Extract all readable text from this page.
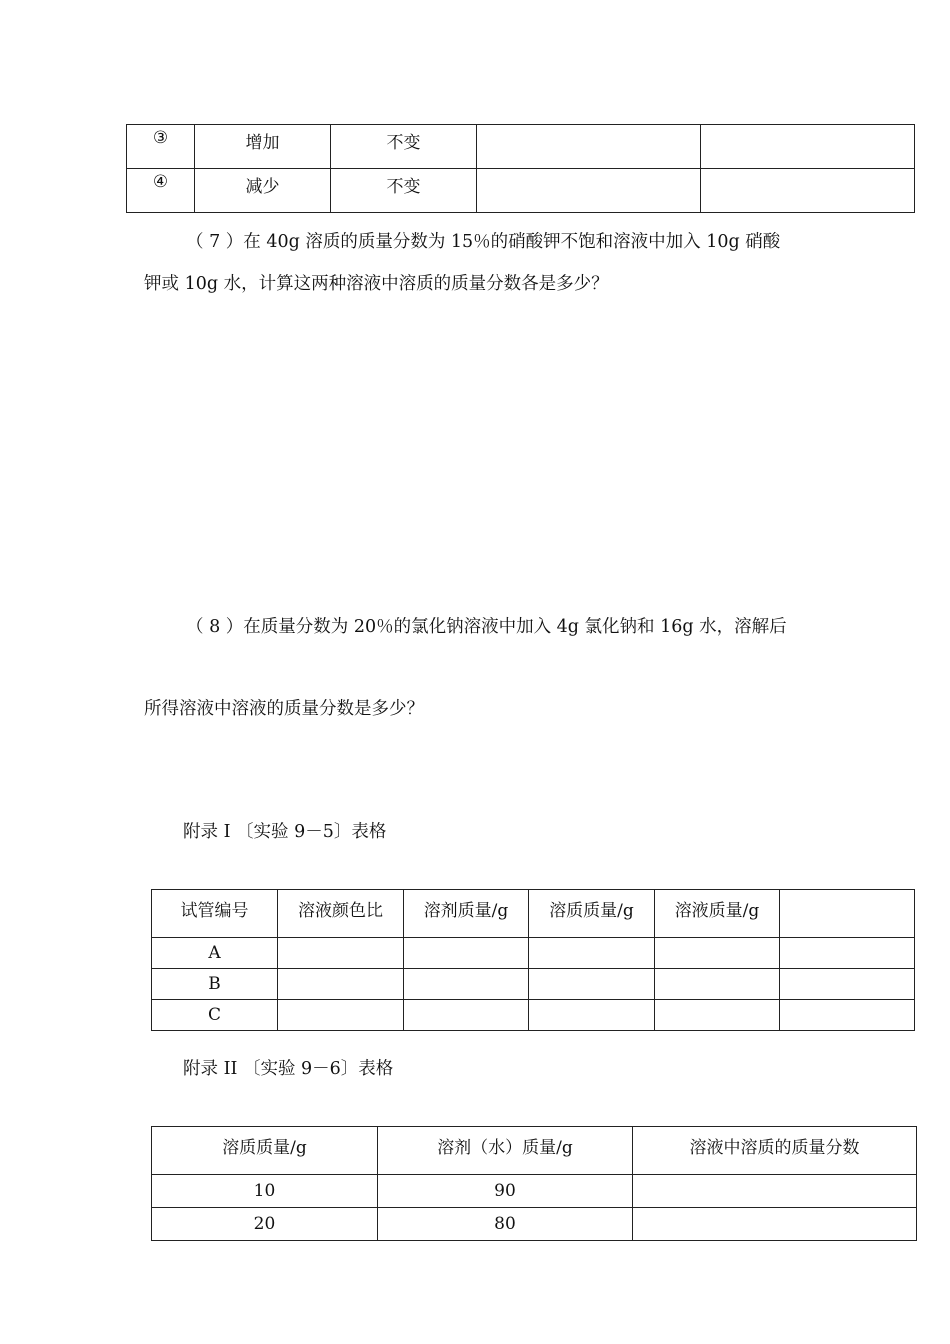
③	增加	不变		
④	减少	不变		
（ 7 ）在 40g 溶质的质量分数为 15％的硝酸钾不饱和溶液中加入 10g 硝酸
钾或 10g 水，计算这两种溶液中溶质的质量分数各是多少？
（ 8 ）在质量分数为 20％的氯化钠溶液中加入 4g 氯化钠和 16g 水，溶解后
所得溶液中溶液的质量分数是多少？
附录 I 〔实验 9－5〕表格
试管编号	溶液颜色比	溶剂质量/g	溶质质量/g	溶液质量/g	
A					
B					
C					
附录 II 〔实验 9－6〕表格
溶质质量/g	溶剂（水）质量/g	溶液中溶质的质量分数
10	90	
20	80	
